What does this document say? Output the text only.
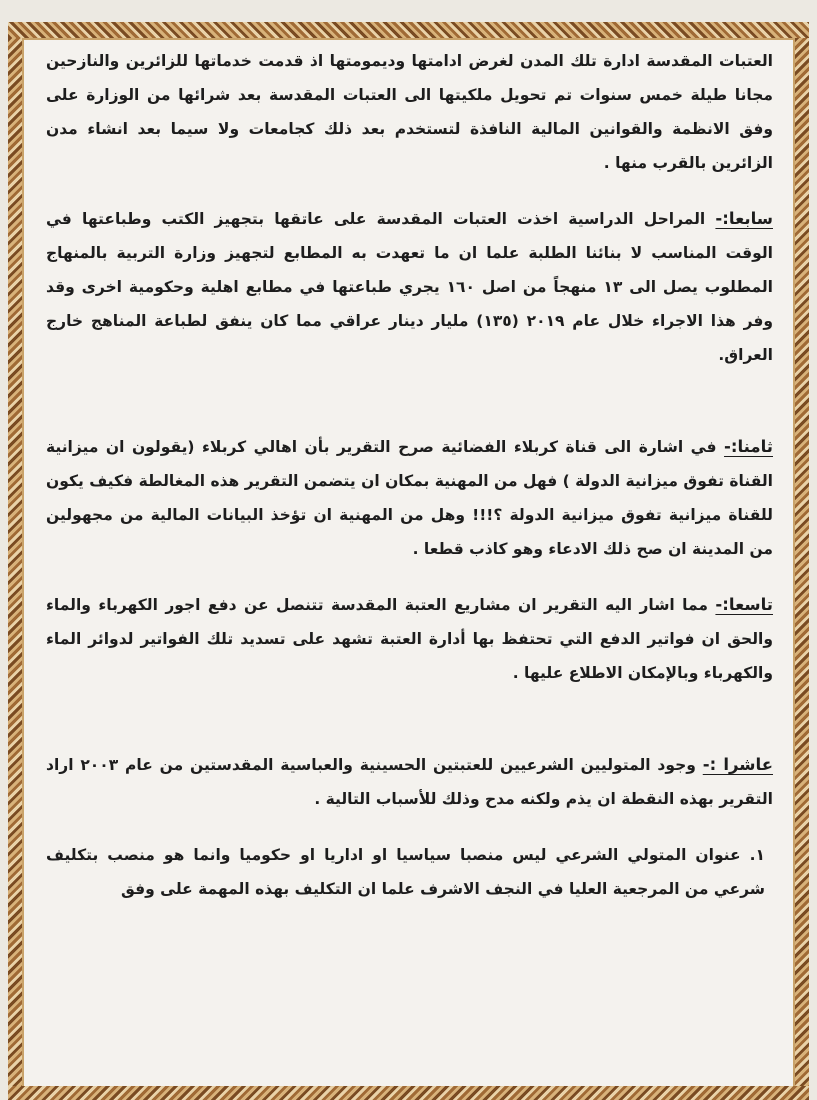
العتبات المقدسة ادارة تلك المدن لغرض ادامتها وديمومتها اذ قدمت خدماتها للزائرين والنازحين مجانا طيلة خمس سنوات تم تحويل ملكيتها الى العتبات المقدسة بعد شرائها من الوزارة على وفق الانظمة والقوانين المالية النافذة لتستخدم بعد ذلك كجامعات ولا سيما بعد انشاء مدن الزائرين بالقرب منها .

سابعا:- المراحل الدراسية اخذت العتبات المقدسة على عاتقها بتجهيز الكتب وطباعتها في الوقت المناسب لا بنائنا الطلبة علما ان ما تعهدت به المطابع لتجهيز وزارة التربية بالمنهاج المطلوب يصل الى ١٣ منهجاً من اصل ١٦٠ يجري طباعتها في مطابع اهلية وحكومية اخرى وقد وفر هذا الاجراء خلال عام ٢٠١٩ (١٣٥) مليار دينار عراقي مما كان ينفق لطباعة المناهج خارج العراق.

ثامنا:- في اشارة الى قناة كربلاء الفضائية صرح التقرير بأن اهالي كربلاء (يقولون ان ميزانية القناة تفوق ميزانية الدولة ) فهل من المهنية بمكان ان يتضمن التقرير هذه المغالطة فكيف يكون للقناة ميزانية تفوق ميزانية الدولة ؟!!! وهل من المهنية ان تؤخذ البيانات المالية من مجهولين من المدينة ان صح ذلك الادعاء وهو كاذب قطعا .

تاسعا:- مما اشار اليه التقرير ان مشاريع العتبة المقدسة تتنصل عن دفع اجور الكهرباء والماء والحق ان فواتير الدفع التي تحتفظ بها أدارة العتبة تشهد على تسديد تلك الفواتير لدوائر الماء والكهرباء وبالإمكان الاطلاع عليها .

عاشرا :- وجود المتوليين الشرعيين للعتبتين الحسينية والعباسية المقدستين من عام ٢٠٠٣ اراد التقرير بهذه النقطة ان يذم ولكنه مدح وذلك للأسباب التالية .

١. عنوان المتولي الشرعي ليس منصبا سياسيا او اداريا او حكوميا وانما هو منصب بتكليف شرعي من المرجعية العليا في النجف الاشرف علما ان التكليف بهذه المهمة على وفق
